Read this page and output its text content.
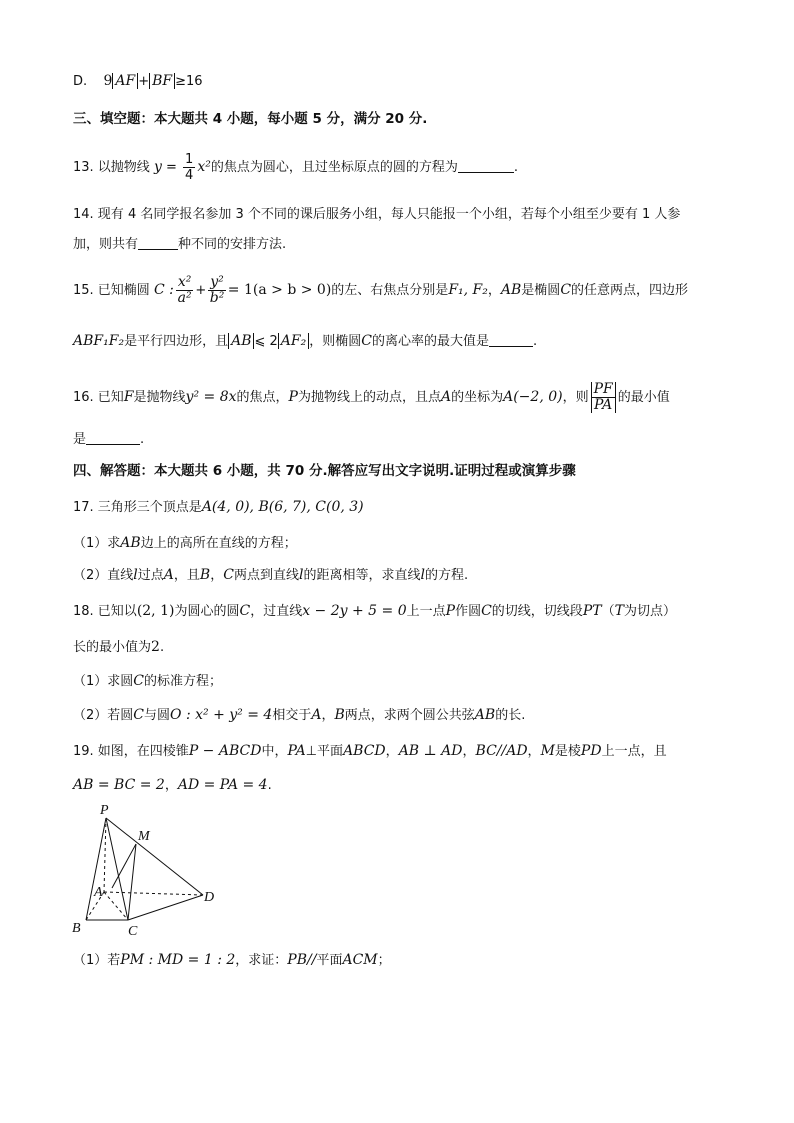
D. 9 AF + BF ≥16
三、填空题：本大题共 4 小题，每小题 5 分，满分 20 分.
13. 以抛物线 $y = \frac{1}{4} x^2$的焦点为圆心，且过坐标原点的圆的方程为	.
14. 现有 4 名同学报名参加 3 个不同的课后服务小组，每人只能报一个小组，若每个小组至少要有 1 人参
加，则共有	种不同的安排方法.
15. 已知椭圆 C : $\frac{\text{x²}}{\text{a²}} + \frac{\text{y²}}{\text{b²}} = 1(a > b > 0)$的左、右焦点分别是F₁, F₂，AB是椭圆C的任意两点，四边形
ABF₁F₂是平行四边形，且 AB ⩽ 2 AF₂ ，则椭圆C的离心率的最大值是	.
16. 已知F是抛物线y² = 8x的焦点，P为抛物线上的动点，且点A的坐标为A(−2, 0)，则 $\frac{PF}{PA}$ 的最小值
是	.
四、解答题：本大题共 6 小题，共 70 分.解答应写出文字说明.证明过程或演算步骤
17. 三角形三个顶点是A(4, 0), B(6, 7), C(0, 3)
（1）求AB边上的高所在直线的方程；
（2）直线l过点A，且B，C两点到直线l的距离相等，求直线l的方程.
18. 已知以(2, 1)为圆心的圆C，过直线x − 2y + 5 = 0上一点P作圆C的切线，切线段PT（T为切点）
长的最小值为2.
（1）求圆C的标准方程；
（2）若圆C与圆O : x² + y² = 4相交于A，B两点，求两个圆公共弦AB的长.
19. 如图，在四棱锥P − ABCD中，PA⊥平面ABCD，AB ⊥ AD，BC//AD，M是棱PD上一点，且
AB = BC = 2，AD = PA = 4.
P
M
A	D
B	C
（1）若PM : MD = 1 : 2，求证：PB//平面ACM；
